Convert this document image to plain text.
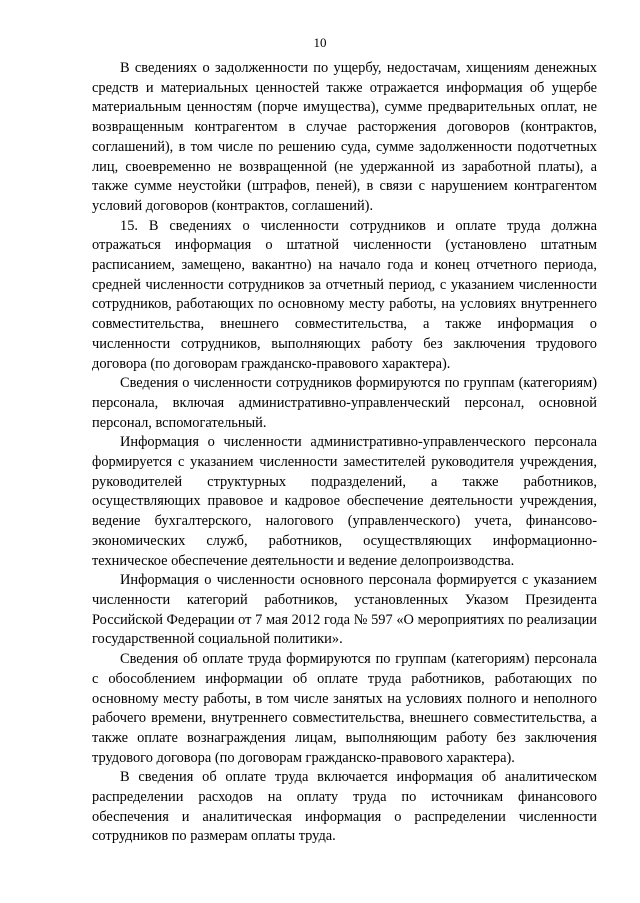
10

В сведениях о задолженности по ущербу, недостачам, хищениям денежных средств и материальных ценностей также отражается информация об ущербе материальным ценностям (порче имущества), сумме предварительных оплат, не возвращенным контрагентом в случае расторжения договоров (контрактов, соглашений), в том числе по решению суда, сумме задолженности подотчетных лиц, своевременно не возвращенной (не удержанной из заработной платы), а также сумме неустойки (штрафов, пеней), в связи с нарушением контрагентом условий договоров (контрактов, соглашений).

15. В сведениях о численности сотрудников и оплате труда должна отражаться информация о штатной численности (установлено штатным расписанием, замещено, вакантно) на начало года и конец отчетного периода, средней численности сотрудников за отчетный период, с указанием численности сотрудников, работающих по основному месту работы, на условиях внутреннего совместительства, внешнего совместительства, а также информация о численности сотрудников, выполняющих работу без заключения трудового договора (по договорам гражданско-правового характера).

Сведения о численности сотрудников формируются по группам (категориям) персонала, включая административно-управленческий персонал, основной персонал, вспомогательный.

Информация о численности административно-управленческого персонала формируется с указанием численности заместителей руководителя учреждения, руководителей структурных подразделений, а также работников, осуществляющих правовое и кадровое обеспечение деятельности учреждения, ведение бухгалтерского, налогового (управленческого) учета, финансово-экономических служб, работников, осуществляющих информационно-техническое обеспечение деятельности и ведение делопроизводства.

Информация о численности основного персонала формируется с указанием численности категорий работников, установленных Указом Президента Российской Федерации от 7 мая 2012 года № 597 «О мероприятиях по реализации государственной социальной политики».

Сведения об оплате труда формируются по группам (категориям) персонала с обособлением информации об оплате труда работников, работающих по основному месту работы, в том числе занятых на условиях полного и неполного рабочего времени, внутреннего совместительства, внешнего совместительства, а также оплате вознаграждения лицам, выполняющим работу без заключения трудового договора (по договорам гражданско-правового характера).

В сведения об оплате труда включается информация об аналитическом распределении расходов на оплату труда по источникам финансового обеспечения и аналитическая информация о распределении численности сотрудников по размерам оплаты труда.
